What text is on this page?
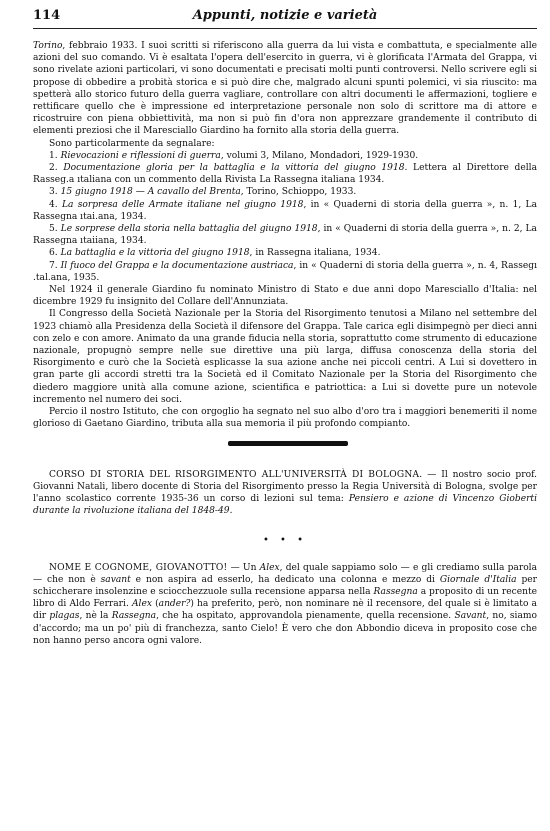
114	Appunti, notizie e varietà

Torino, febbraio 1933. I suoi scritti si riferiscono alla guerra da lui vista e combattuta, e specialmente alle azioni del suo comando. Vi è esaltata l'opera dell'esercito in guerra, vi è glorificata l'Armata del Grappa, vi sono rivelate azioni particolari, vi sono documentati e precisati molti punti controversi. Nello scrivere egli si propose di obbedire a probità storica e si può dire che, malgrado alcuni spunti polemici, vi sia riuscito: ma spetterà allo storico futuro della guerra vagliare, controllare con altri documenti le affermazioni, togliere e rettificare quello che è impressione ed interpretazione personale non solo di scrittore ma di attore e ricostruire con piena obbiettività, ma non si può fin d'ora non apprezzare grandemente il contributo di elementi preziosi che il Maresciallo Giardino ha fornito alla storia della guerra.

Sono particolarmente da segnalare:

1. Rievocazioni e riflessioni di guerra, volumi 3, Milano, Mondadori, 1929-1930.

2. Documentazione gloria per la battaglia e la vittoria del giugno 1918. Lettera al Direttore della Rasseg.a ıtaliana con un commento della Rivista La Rassegna italiana 1934.

3. 15 giugno 1918 — A cavallo del Brenta, Torino, Schioppo, 1933.

4. La sorpresa delle Armate italiane nel giugno 1918, in « Quaderni di storia della guerra », n. 1, La Rassegna ıtai.ana, 1934.

5. Le sorprese della storia nella battaglia del giugno 1918, in « Quaderni di storia della guerra », n. 2, La Rassegna ıtaiiana, 1934.

6. La battaglia e la vittoria del giugno 1918, in Rassegna italiana, 1934.

7. Il fuoco del Grappa e la documentazione austriaca, in « Quaderni di storia della guerra », n. 4, Rassegı .tal.ana, 1935.

Nel 1924 il generale Giardino fu nominato Ministro di Stato e due anni dopo Maresciallo d'Italia: nel dicembre 1929 fu insignito del Collare dell'Annunziata.

Il Congresso della Società Nazionale per la Storia del Risorgimento tenutosi a Milano nel settembre del 1923 chiamò alla Presidenza della Società il difensore del Grappa. Tale carica egli disimpegnò per dieci anni con zelo e con amore. Animato da una grande fiducia nella storia, soprattutto come strumento di educazione nazionale, propugnò sempre nelle sue direttive una più larga, diffusa conoscenza della storia del Risorgimento e curò che la Società esplicasse la sua azione anche nei piccoli centri. A Lui si dovettero in gran parte gli accordi stretti tra la Società ed il Comitato Nazionale per la Storia del Risorgimento che diedero maggiore unità alla comune azione, scientifica e patriottica: a Lui si dovette pure un notevole incremento nel numero dei soci.

Percio il nostro Istituto, che con orgoglio ha segnato nel suo albo d'oro tra i maggiori benemeriti il nome glorioso di Gaetano Giardino, tributa alla sua memoria il più profondo compianto.

CORSO DI STORIA DEL RISORGIMENTO ALL'UNIVERSITÀ DI BOLOGNA. — Il nostro socio prof. Giovanni Natali, libero docente di Storia del Risorgimento presso la Regia Università di Bologna, svolge per l'anno scolastico corrente 1935-36 un corso di lezioni sul tema: Pensiero e azione di Vincenzo Gioberti durante la rivoluzione italiana del 1848-49.

• • •

NOME E COGNOME, GIOVANOTTO! — Un Alex, del quale sappiamo solo — e gli crediamo sulla parola — che non è savant e non aspira ad esserlo, ha dedicato una colonna e mezzo di Giornale d'Italia per schiccherare insolenzine e sciocchezzuole sulla recensione apparsa nella Rassegna a proposito di un recente libro di Aldo Ferrari. Alex (ander?) ha preferito, però, non nominare nè il recensore, del quale si è limitato a dir plagas, nè la Rassegna, che ha ospitato, approvandola pienamente, quella recensione. Savant, no, siamo d'accordo; ma un po' più di franchezza, santo Cielo! È vero che don Abbondio diceva in proposito cose che non hanno perso ancora ogni valore.
